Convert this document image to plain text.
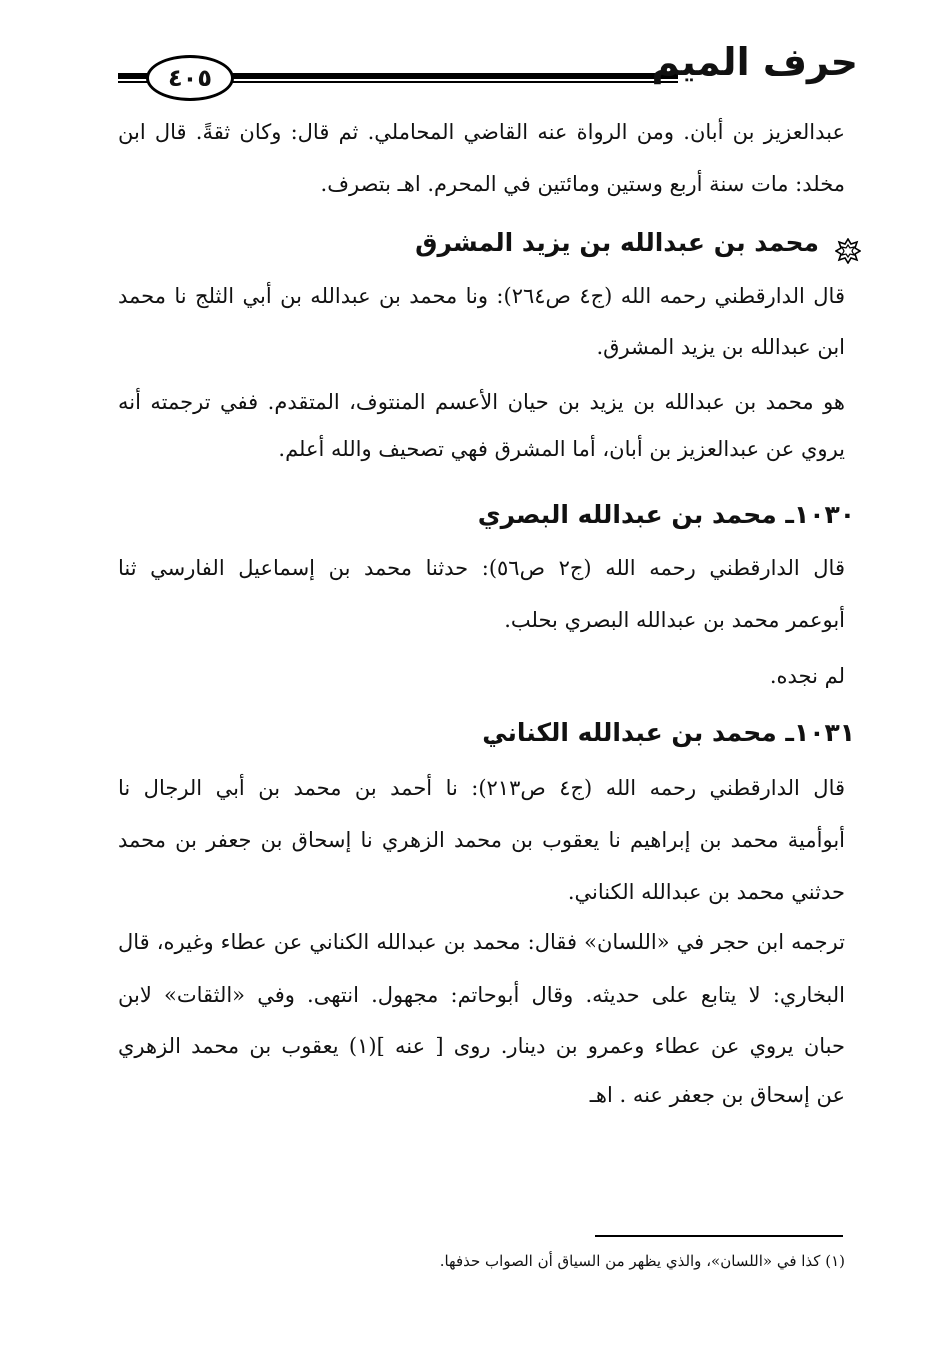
٤٠٥	حرف الميم
عبدالعزيز بن أبان. ومن الرواة عنه القاضي المحاملي. ثم قال: وكان ثقةً. قال ابن
مخلد: مات سنة أربع وستين ومائتين في المحرم. اهـ بتصرف.
محمد بن عبدالله بن يزيد المشرق
قال الدارقطني رحمه الله (ج٤ ص٢٦٤): ونا محمد بن عبدالله بن أبي الثلج نا محمد
ابن عبدالله بن يزيد المشرق.
هو محمد بن عبدالله بن يزيد بن حيان الأعسم المنتوف، المتقدم. ففي ترجمته أنه
يروي عن عبدالعزيز بن أبان، أما المشرق فهي تصحيف والله أعلم.
١٠٣٠ـ محمد بن عبدالله البصري
قال الدارقطني رحمه الله (ج٢ ص٥٦): حدثنا محمد بن إسماعيل الفارسي ثنا
أبوعمر محمد بن عبدالله البصري بحلب.
لم نجده.
١٠٣١ـ محمد بن عبدالله الكناني
قال الدارقطني رحمه الله (ج٤ ص٢١٣): نا أحمد بن محمد بن أبي الرجال نا
أبوأمية محمد بن إبراهيم نا يعقوب بن محمد الزهري نا إسحاق بن جعفر بن محمد
حدثني محمد بن عبدالله الكناني.
ترجمه ابن حجر في «اللسان» فقال: محمد بن عبدالله الكناني عن عطاء وغيره، قال
البخاري: لا يتابع على حديثه. وقال أبوحاتم: مجهول. انتهى. وفي «الثقات» لابن
حبان يروي عن عطاء وعمرو بن دينار. روى [ عنه ](١) يعقوب بن محمد الزهري
عن إسحاق بن جعفر عنه . اهـ
(١) كذا في «اللسان»، والذي يظهر من السياق أن الصواب حذفها.
